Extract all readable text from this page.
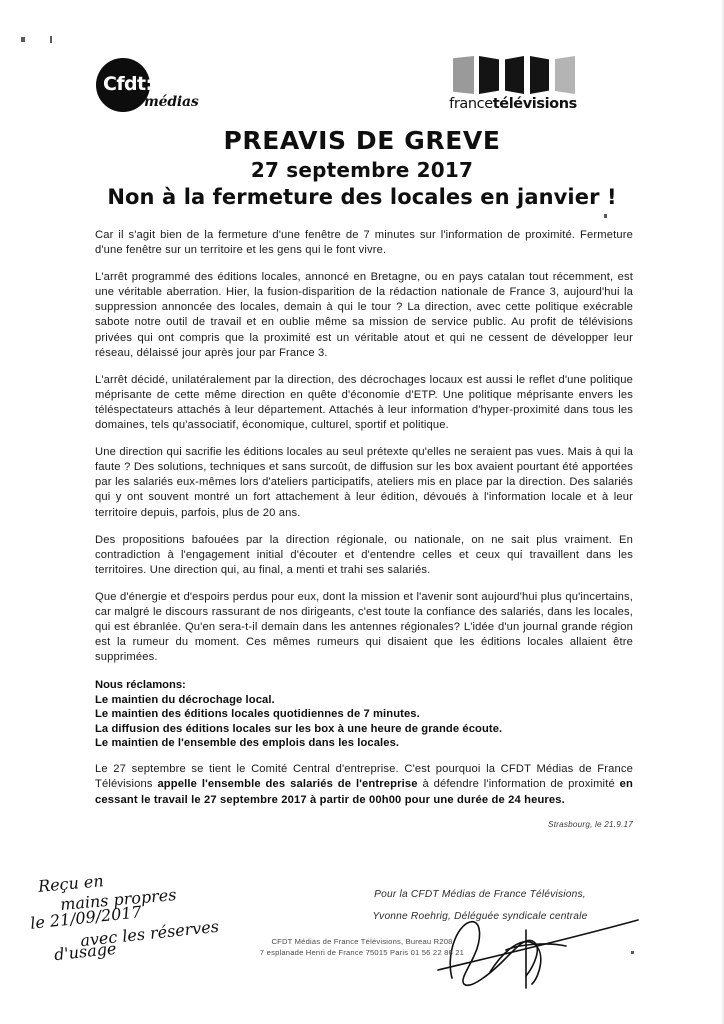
Cfdt:
médias	francetélévisions
PREAVIS DE GREVE
27 septembre 2017
Non à la fermeture des locales en janvier !

Car il s'agit bien de la fermeture d'une fenêtre de 7 minutes sur l'information de proximité. Fermeture d'une fenêtre sur un territoire et les gens qui le font vivre.

L'arrêt programmé des éditions locales, annoncé en Bretagne, ou en pays catalan tout récemment, est une véritable aberration. Hier, la fusion-disparition de la rédaction nationale de France 3, aujourd'hui la suppression annoncée des locales, demain à qui le tour ? La direction, avec cette politique exécrable sabote notre outil de travail et en oublie même sa mission de service public. Au profit de télévisions privées qui ont compris que la proximité est un véritable atout et qui ne cessent de développer leur réseau, délaissé jour après jour par France 3.

L'arrêt décidé, unilatéralement par la direction, des décrochages locaux est aussi le reflet d'une politique méprisante de cette même direction en quête d'économie d'ETP. Une politique méprisante envers les téléspectateurs attachés à leur département. Attachés à leur information d'hyper-proximité dans tous les domaines, tels qu'associatif, économique, culturel, sportif et politique.

Une direction qui sacrifie les éditions locales au seul prétexte qu'elles ne seraient pas vues. Mais à qui la faute ? Des solutions, techniques et sans surcoût, de diffusion sur les box avaient pourtant été apportées par les salariés eux-mêmes lors d'ateliers participatifs, ateliers mis en place par la direction. Des salariés qui y ont souvent montré un fort attachement à leur édition, dévoués à l'information locale et à leur territoire depuis, parfois, plus de 20 ans.

Des propositions bafouées par la direction régionale, ou nationale, on ne sait plus vraiment. En contradiction à l'engagement initial d'écouter et d'entendre celles et ceux qui travaillent dans les territoires. Une direction qui, au final, a menti et trahi ses salariés.

Que d'énergie et d'espoirs perdus pour eux, dont la mission et l'avenir sont aujourd'hui plus qu'incertains, car malgré le discours rassurant de nos dirigeants, c'est toute la confiance des salariés, dans les locales, qui est ébranlée. Qu'en sera-t-il demain dans les antennes régionales? L'idée d'un journal grande région est la rumeur du moment. Ces mêmes rumeurs qui disaient que les éditions locales allaient être supprimées.

Nous réclamons:
Le maintien du décrochage local.
Le maintien des éditions locales quotidiennes de 7 minutes.
La diffusion des éditions locales sur les box à une heure de grande écoute.
Le maintien de l'ensemble des emplois dans les locales.

Le 27 septembre se tient le Comité Central d'entreprise. C'est pourquoi la CFDT Médias de France Télévisions appelle l'ensemble des salariés de l'entreprise à défendre l'information de proximité en cessant le travail le 27 septembre 2017 à partir de 00h00 pour une durée de 24 heures.

Strasbourg, le 21.9.17
Pour la CFDT Médias de France Télévisions,
Yvonne Roehrig, Déléguée syndicale centrale
Reçu en
mains propres
le 21/09/2017
avec les réserves
d'usage	CFDT Médias de France Télévisions, Bureau R208
7 esplanade Henri de France 75015 Paris 01 56 22 86 21
